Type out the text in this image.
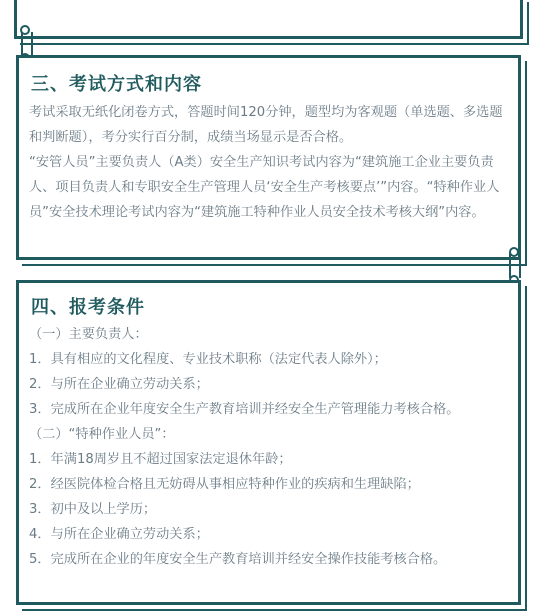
三、考试方式和内容

考试采取无纸化闭卷方式，答题时间120分钟，题型均为客观题（单选题、多选题和判断题），考分实行百分制，成绩当场显示是否合格。

“安管人员”主要负责人（A类）安全生产知识考试内容为“建筑施工企业主要负责人、项目负责人和专职安全生产管理人员‘安全生产考核要点’”内容。“特种作业人员”安全技术理论考试内容为“建筑施工特种作业人员安全技术考核大纲”内容。

四、报考条件

（一）主要负责人：

1．具有相应的文化程度、专业技术职称（法定代表人除外）；

2．与所在企业确立劳动关系；

3．完成所在企业年度安全生产教育培训并经安全生产管理能力考核合格。

（二）“特种作业人员”：

1．年满18周岁且不超过国家法定退休年龄；

2．经医院体检合格且无妨碍从事相应特种作业的疾病和生理缺陷；

3．初中及以上学历；

4．与所在企业确立劳动关系；

5．完成所在企业的年度安全生产教育培训并经安全操作技能考核合格。
